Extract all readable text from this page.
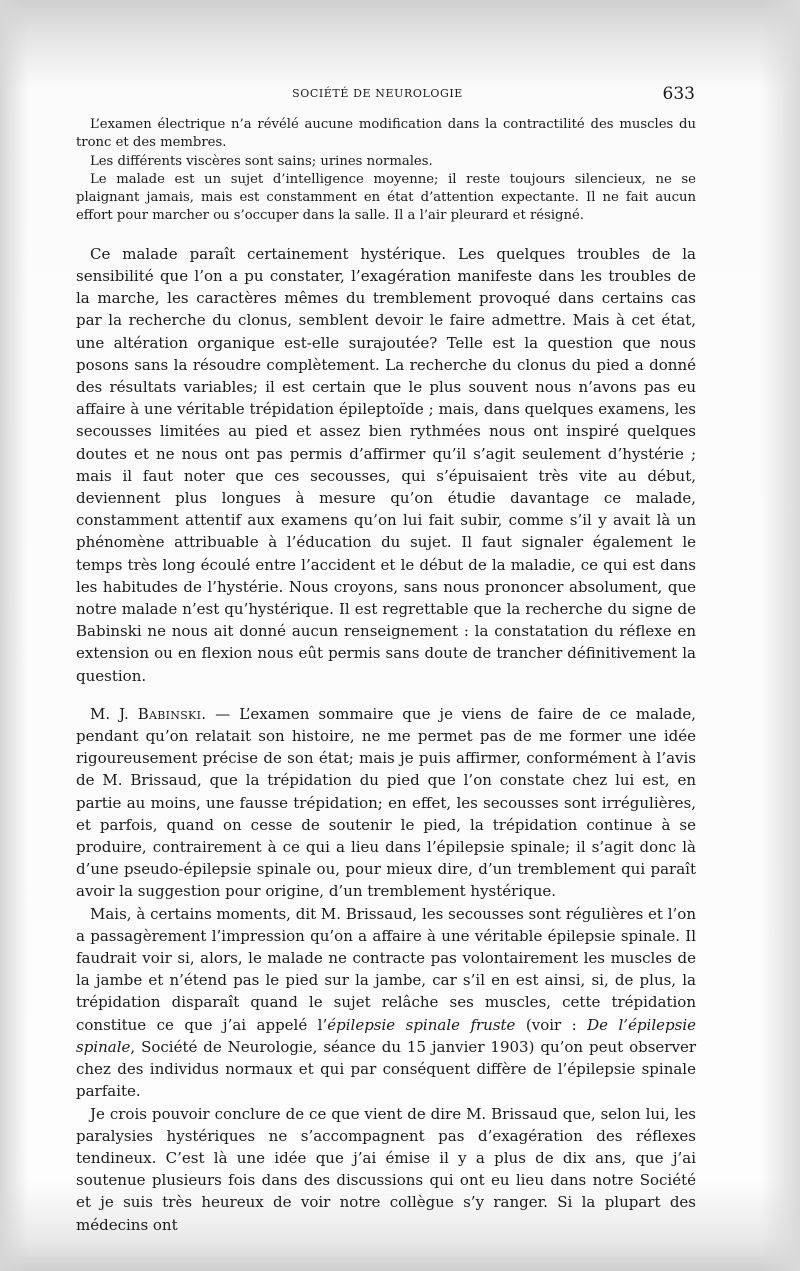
SOCIÉTÉ DE NEUROLOGIE	633

L’examen électrique n’a révélé aucune modification dans la contractilité des muscles du tronc et des membres.

Les différents viscères sont sains; urines normales.

Le malade est un sujet d’intelligence moyenne; il reste toujours silencieux, ne se plaignant jamais, mais est constamment en état d’attention expectante. Il ne fait aucun effort pour marcher ou s’occuper dans la salle. Il a l’air pleurard et résigné.

Ce malade paraît certainement hystérique. Les quelques troubles de la sensibilité que l’on a pu constater, l’exagération manifeste dans les troubles de la marche, les caractères mêmes du tremblement provoqué dans certains cas par la recherche du clonus, semblent devoir le faire admettre. Mais à cet état, une altération organique est-elle surajoutée? Telle est la question que nous posons sans la résoudre complètement. La recherche du clonus du pied a donné des résultats variables; il est certain que le plus souvent nous n’avons pas eu affaire à une véritable trépidation épileptoïde ; mais, dans quelques examens, les secousses limitées au pied et assez bien rythmées nous ont inspiré quelques doutes et ne nous ont pas permis d’affirmer qu’il s’agit seulement d’hystérie ; mais il faut noter que ces secousses, qui s’épuisaient très vite au début, deviennent plus longues à mesure qu’on étudie davantage ce malade, constamment attentif aux examens qu’on lui fait subir, comme s’il y avait là un phénomène attribuable à l’éducation du sujet. Il faut signaler également le temps très long écoulé entre l’accident et le début de la maladie, ce qui est dans les habitudes de l’hystérie. Nous croyons, sans nous prononcer absolument, que notre malade n’est qu’hystérique. Il est regrettable que la recherche du signe de Babinski ne nous ait donné aucun renseignement : la constatation du réflexe en extension ou en flexion nous eût permis sans doute de trancher définitivement la question.

M. J. Babinski. — L’examen sommaire que je viens de faire de ce malade, pendant qu’on relatait son histoire, ne me permet pas de me former une idée rigoureusement précise de son état; mais je puis affirmer, conformément à l’avis de M. Brissaud, que la trépidation du pied que l’on constate chez lui est, en partie au moins, une fausse trépidation; en effet, les secousses sont irrégulières, et parfois, quand on cesse de soutenir le pied, la trépidation continue à se produire, contrairement à ce qui a lieu dans l’épilepsie spinale; il s’agit donc là d’une pseudo-épilepsie spinale ou, pour mieux dire, d’un tremblement qui paraît avoir la suggestion pour origine, d’un tremblement hystérique.

Mais, à certains moments, dit M. Brissaud, les secousses sont régulières et l’on a passagèrement l’impression qu’on a affaire à une véritable épilepsie spinale. Il faudrait voir si, alors, le malade ne contracte pas volontairement les muscles de la jambe et n’étend pas le pied sur la jambe, car s’il en est ainsi, si, de plus, la trépidation disparaît quand le sujet relâche ses muscles, cette trépidation constitue ce que j’ai appelé l’épilepsie spinale fruste (voir : De l’épilepsie spinale, Société de Neurologie, séance du 15 janvier 1903) qu’on peut observer chez des individus normaux et qui par conséquent diffère de l’épilepsie spinale parfaite.

Je crois pouvoir conclure de ce que vient de dire M. Brissaud que, selon lui, les paralysies hystériques ne s’accompagnent pas d’exagération des réflexes tendineux. C’est là une idée que j’ai émise il y a plus de dix ans, que j’ai soutenue plusieurs fois dans des discussions qui ont eu lieu dans notre Société et je suis très heureux de voir notre collègue s’y ranger. Si la plupart des médecins ont
